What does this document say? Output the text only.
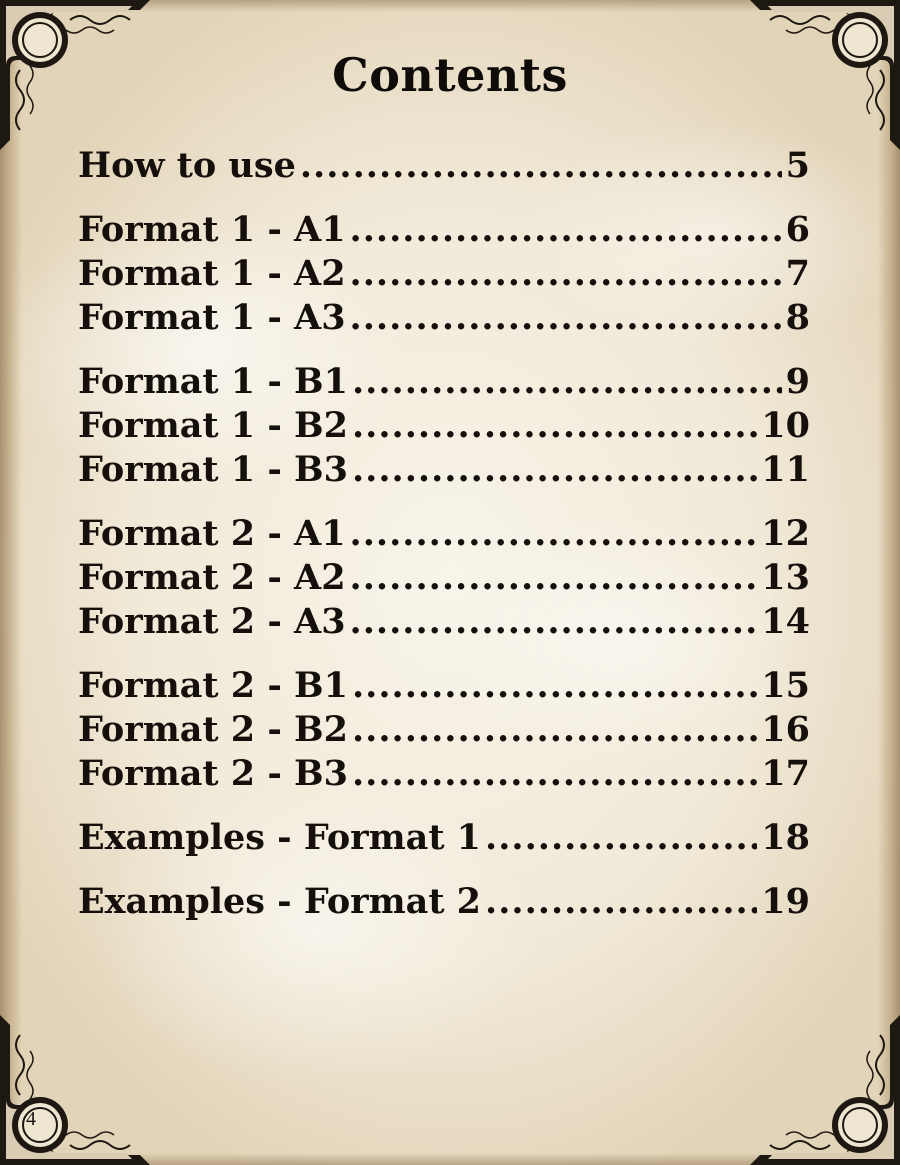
Contents
How to use .....	5
Format 1 - A1 .....	6
Format 1 - A2 .....	7
Format 1 - A3 .....	8
Format 1 - B1 .....	9
Format 1 - B2 .....	10
Format 1 - B3 .....	11
Format 2 - A1 .....	12
Format 2 - A2 .....	13
Format 2 - A3 .....	14
Format 2 - B1 .....	15
Format 2 - B2 .....	16
Format 2 - B3 .....	17
Examples - Format 1 .....	18
Examples - Format 2 .....	19
4
